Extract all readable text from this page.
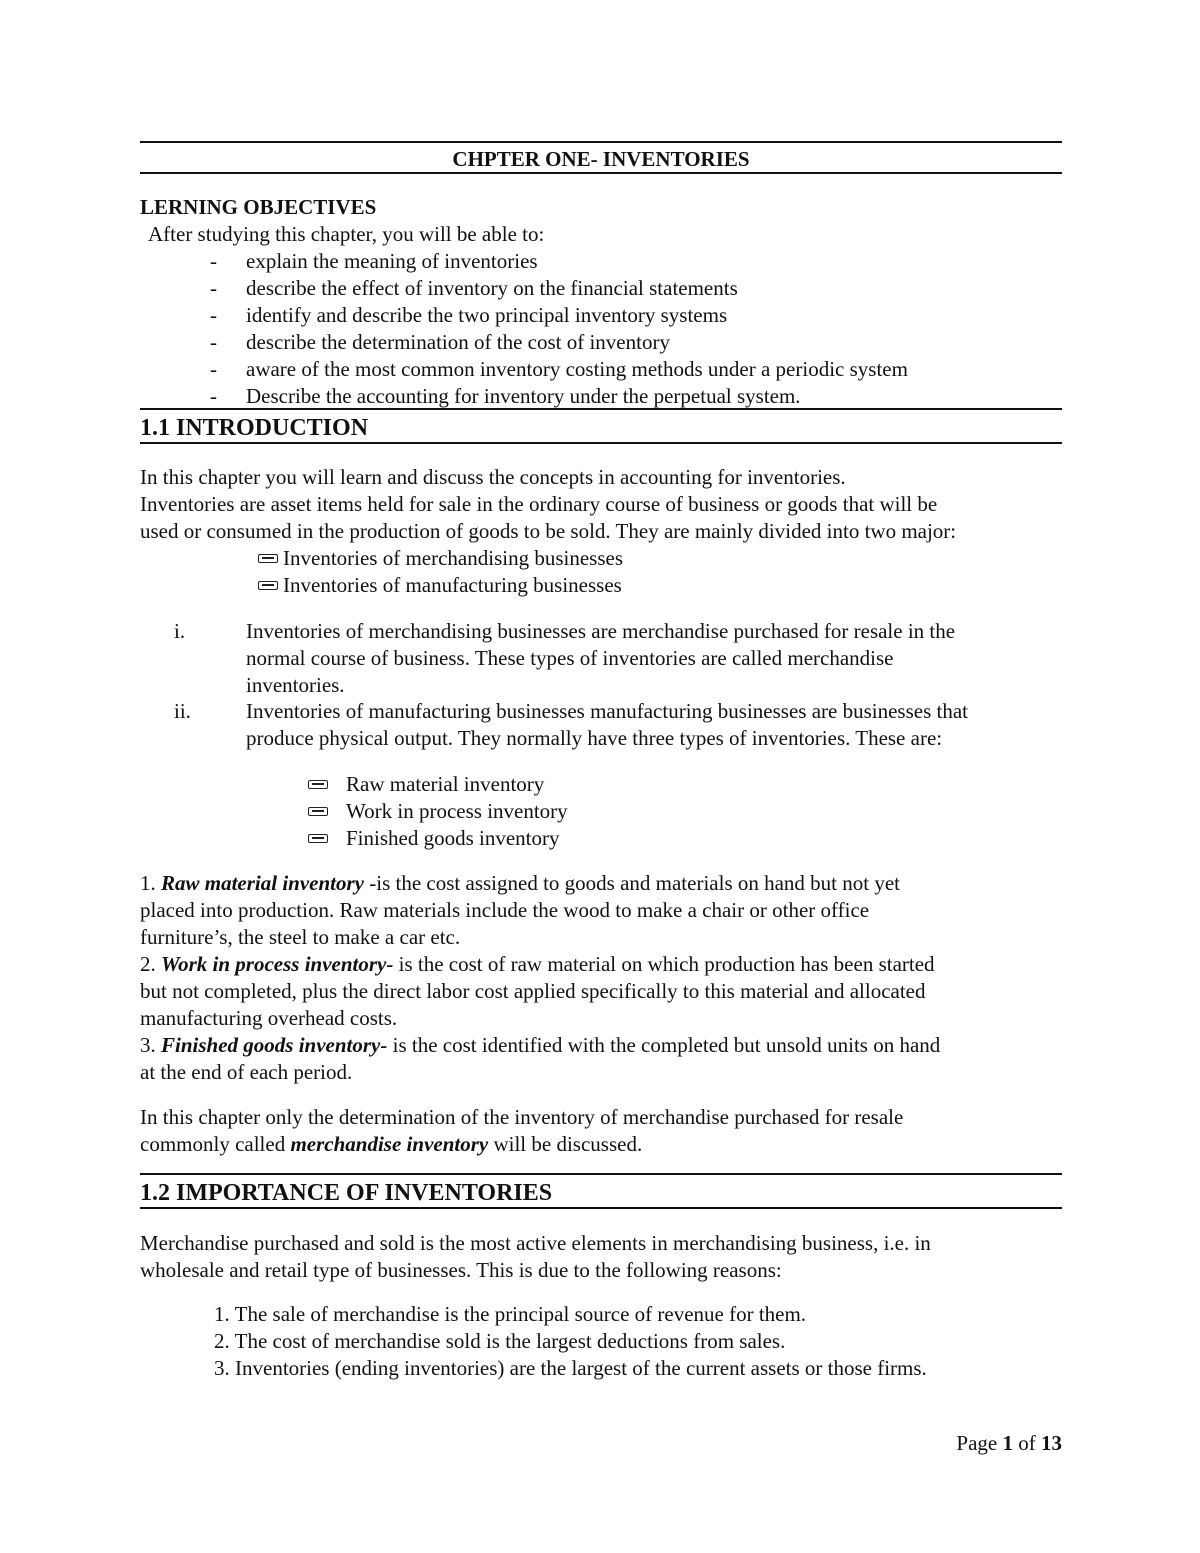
CHPTER ONE- INVENTORIES
LERNING OBJECTIVES
After studying this chapter, you will be able to:
- explain the meaning of inventories
- describe the effect of inventory on the financial statements
- identify and describe the two principal inventory systems
- describe the determination of the cost of inventory
- aware of the most common inventory costing methods under a periodic system
- Describe the accounting for inventory under the perpetual system.
1.1 INTRODUCTION
In this chapter you will learn and discuss the concepts in accounting for inventories.
Inventories are asset items held for sale in the ordinary course of business or goods that will be
used or consumed in the production of goods to be sold. They are mainly divided into two major:
Inventories of merchandising businesses
Inventories of manufacturing businesses
i.	Inventories of merchandising businesses are merchandise purchased for resale in the
normal course of business. These types of inventories are called merchandise
inventories.
ii.	Inventories of manufacturing businesses manufacturing businesses are businesses that
produce physical output. They normally have three types of inventories. These are:
Raw material inventory
Work in process inventory
Finished goods inventory
1. Raw material inventory -is the cost assigned to goods and materials on hand but not yet
placed into production. Raw materials include the wood to make a chair or other office
furniture’s, the steel to make a car etc.
2. Work in process inventory- is the cost of raw material on which production has been started
but not completed, plus the direct labor cost applied specifically to this material and allocated
manufacturing overhead costs.
3. Finished goods inventory- is the cost identified with the completed but unsold units on hand
at the end of each period.
In this chapter only the determination of the inventory of merchandise purchased for resale
commonly called merchandise inventory will be discussed.
1.2 IMPORTANCE OF INVENTORIES
Merchandise purchased and sold is the most active elements in merchandising business, i.e. in
wholesale and retail type of businesses. This is due to the following reasons:
1. The sale of merchandise is the principal source of revenue for them.
2. The cost of merchandise sold is the largest deductions from sales.
3. Inventories (ending inventories) are the largest of the current assets or those firms.
Page 1 of 13
